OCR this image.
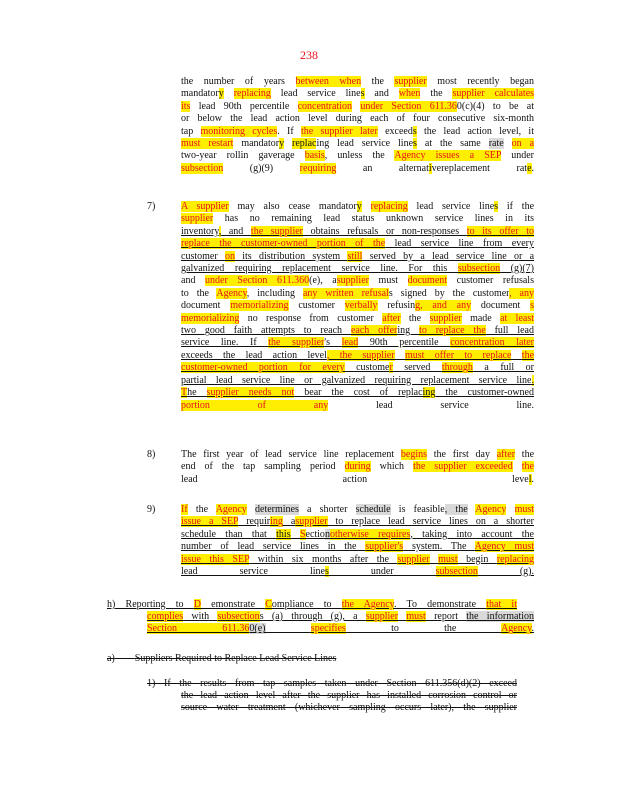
238
the number of years between when the supplier most recently began
mandatory replacing lead service lines and when the supplier calculates
its lead 90th percentile concentration under Section 611.360(c)(4) to be at
or below the lead action level during each of four consecutive six-month
tap monitoring cycles. If the supplier later exceeds the lead action level, it
must restart mandatory replacing lead service lines at the same rate on a
two-year rollin gaverage basis, unless the Agency issues a SEP under
subsection (g)(9) requiring an alternativereplacement rate.
7)	A supplier may also cease mandatory replacing lead service lines if the
supplier has no remaining lead status unknown service lines in its
inventory, and the supplier obtains refusals or non-responses to its offer to
replace the customer-owned portion of the lead service line from every
customer on its distribution system still served by a lead service line or a
galvanized requiring replacement service line. For this subsection (g)(7)
and under Section 611.360(e), asupplier must document customer refusals
to the Agency, including any written refusals signed by the customer, any
document memorializing customer verbally refusing, and any document s
memorializing no response from customer after the supplier made at least
two good faith attempts to reach each offering to replace the full lead
service line. If the supplier's lead 90th percentile concentration later
exceeds the lead action level, the supplier must offer to replace the
customer-owned portion for every customer served through a full or
partial lead service line or galvanized requiring replacement service line.
The supplier needs not bear the cost of replacing the customer-owned
portion of any lead service line.
8)	The first year of lead service line replacement begins the first day after the
end of the tap sampling period during which the supplier exceeded the
lead action level.
9)	If the Agency determines a shorter schedule is feasible, the Agency must
issue a SEP requiring asupplier to replace lead service lines on a shorter
schedule than that this Sectionotherwise requires, taking into account the
number of lead service lines in the supplier's system. The Agency must
issue this SEP within six months after the supplier must begin replacing
lead service lines under subsection (g).
h) Reporting to D emonstrate Compliance to the Agency. To demonstrate that it
complies with subsections (a) through (g), a supplier must report the information
Section 611.360(e)	specifies to the Agency.
a) Suppliers Required to Replace Lead Service Lines
1) If the results from tap samples taken under Section 611.356(d)(2) exceed
the lead action level after the supplier has installed corrosion control or
source water treatment (whichever sampling occurs later), the supplier
